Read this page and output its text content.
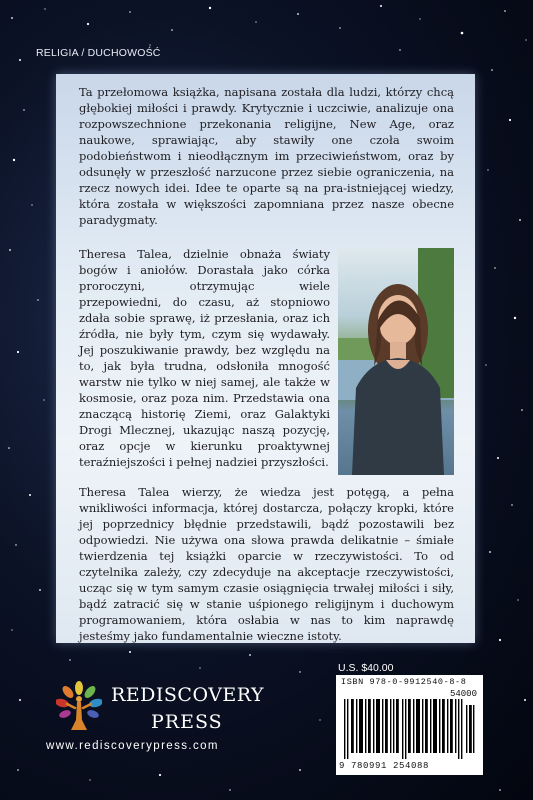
RELIGIA / DUCHOWOŚĆ

Ta przełomowa książka, napisana została dla ludzi, którzy chcą głębokiej miłości i prawdy. Krytycznie i uczciwie, analizuje ona rozpowszechnione przekonania religijne, New Age, oraz naukowe, sprawiając, aby stawiły one czoła swoim podobieństwom i nieodłącznym im przeciwieństwom, oraz by odsunęły w przeszłość narzucone przez siebie ograniczenia, na rzecz nowych idei. Idee te oparte są na pra-istniejącej wiedzy, która została w większości zapomniana przez nasze obecne paradygmaty.

Theresa Talea, dzielnie obnaża światy bogów i aniołów. Dorastała jako córka proroczyni, otrzymując wiele przepowiedni, do czasu, aż stopniowo zdała sobie sprawę, iż przesłania, oraz ich źródła, nie były tym, czym się wydawały. Jej poszukiwanie prawdy, bez względu na to, jak była trudna, odsłoniła mnogość warstw nie tylko w niej samej, ale także w kosmosie, oraz poza nim. Przedstawia ona znaczącą historię Ziemi, oraz Galaktyki Drogi Mlecznej, ukazując naszą pozycję, oraz opcje w kierunku proaktywnej teraźniejszości i pełnej nadziei przyszłości.

Theresa Talea wierzy, że wiedza jest potęgą, a pełna wnikliwości informacja, której dostarcza, połączy kropki, które jej poprzednicy błędnie przedstawili, bądź pozostawili bez odpowiedzi. Nie używa ona słowa prawda delikatnie – śmiałe twierdzenia tej książki oparcie w rzeczywistości. To od czytelnika zależy, czy zdecyduje na akceptacje rzeczywistości, ucząc się w tym samym czasie osiągnięcia trwałej miłości i siły, bądź zatracić się w stanie uśpionego religijnym i duchowym programowaniem, która osłabia w nas to kim naprawdę jesteśmy jako fundamentalnie wieczne istoty.

REDISCOVERY
PRESS
www.rediscoverypress.com
U.S. $40.00
ISBN 978-0-9912540-8-8
54000
9 780991 254088
